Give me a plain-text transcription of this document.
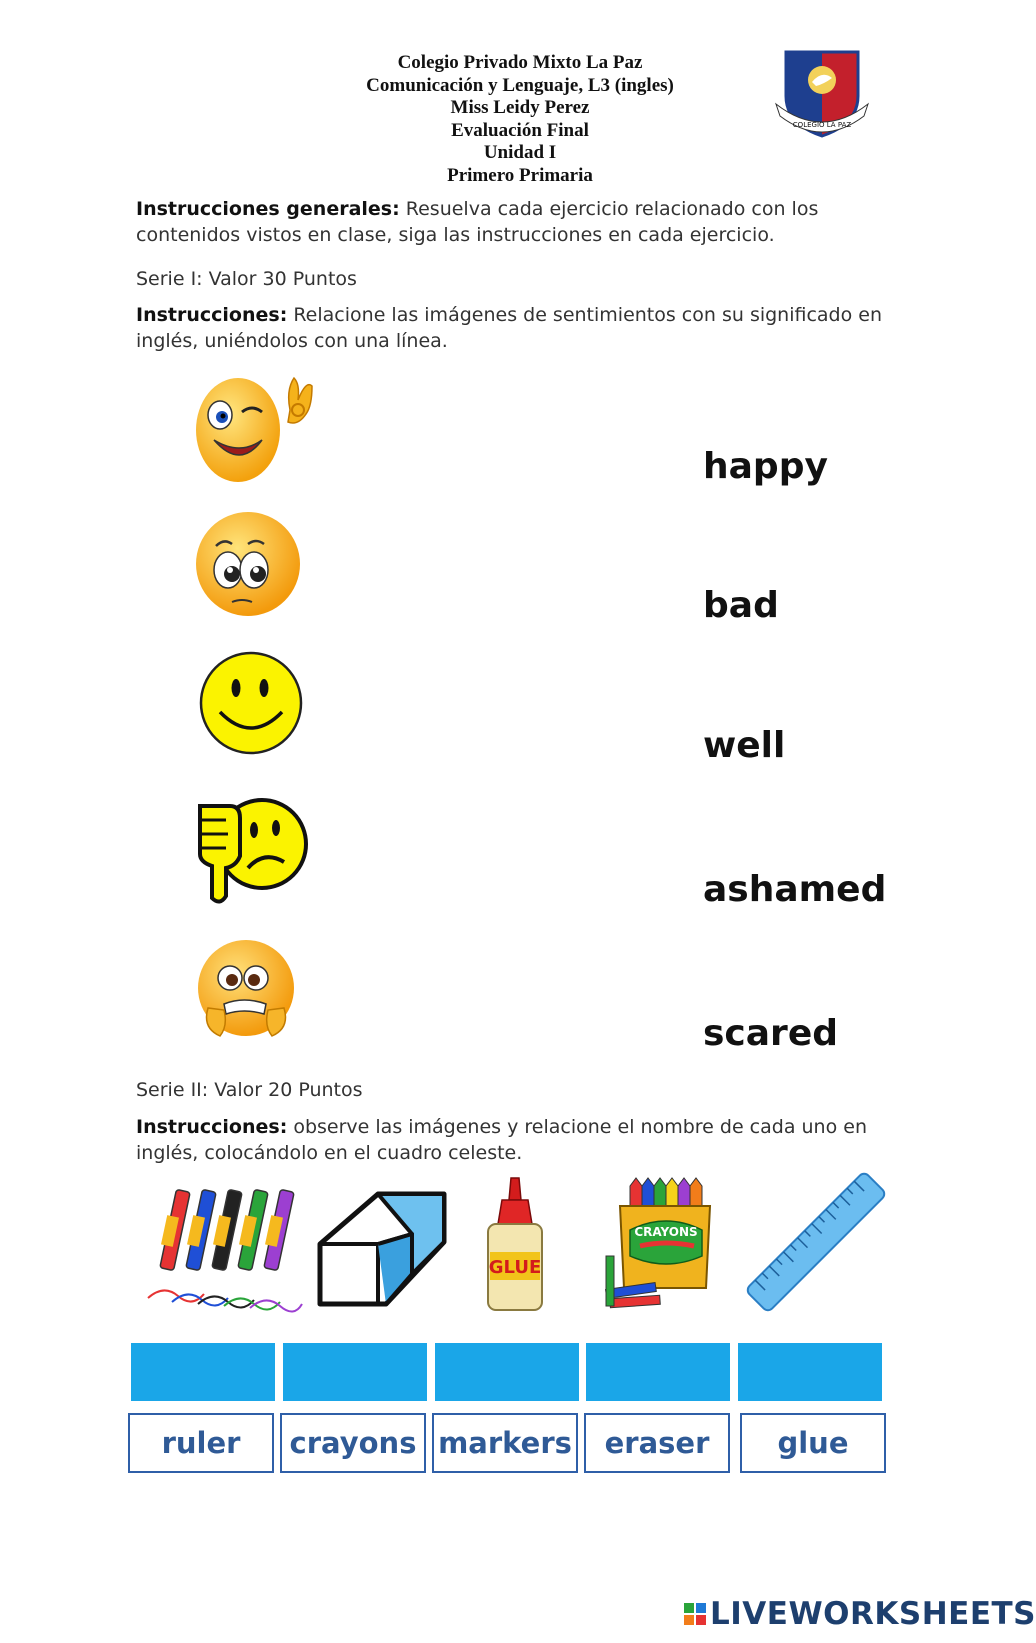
Colegio Privado Mixto La Paz
Comunicación y Lenguaje, L3 (ingles)
Miss Leidy Perez
Evaluación Final
Unidad I
Primero Primaria
COLEGIO LA PAZ
Instrucciones generales: Resuelva cada ejercicio relacionado con los contenidos vistos en clase, siga las instrucciones en cada ejercicio.
Serie I: Valor 30 Puntos
Instrucciones: Relacione las imágenes de sentimientos con su significado en inglés, uniéndolos con una línea.
happy
bad
well
ashamed
scared
Serie II: Valor 20 Puntos
Instrucciones: observe las imágenes y relacione el nombre de cada uno en inglés, colocándolo en el cuadro celeste.
GLUE
CRAYONS
ruler	crayons markers	eraser	glue
LIVEWORKSHEETS
